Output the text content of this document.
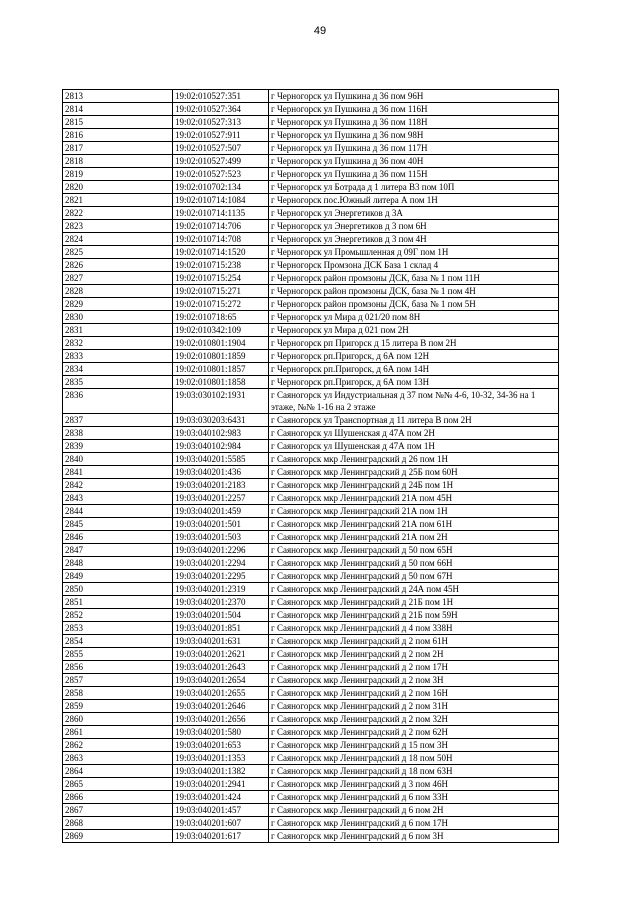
49
2813	19:02:010527:351	г Черногорск ул Пушкина д 36 пом 96Н
2814	19:02:010527:364	г Черногорск ул Пушкина д 36 пом 116Н
2815	19:02:010527:313	г Черногорск ул Пушкина д 36 пом 118Н
2816	19:02:010527:911	г Черногорск ул Пушкина д 36 пом 98Н
2817	19:02:010527:507	г Черногорск ул Пушкина д 36 пом 117Н
2818	19:02:010527:499	г Черногорск ул Пушкина д 36 пом 40Н
2819	19:02:010527:523	г Черногорск ул Пушкина д 36 пом 115Н
2820	19:02:010702:134	г Черногорск ул Ботрада д 1 литера В3 пом 10П
2821	19:02:010714:1084	г Черногорск пос.Южный литера А пом 1Н
2822	19:02:010714:1135	г Черногорск ул Энергетиков д 3А
2823	19:02:010714:706	г Черногорск ул Энергетиков д 3 пом 6Н
2824	19:02:010714:708	г Черногорск ул Энергетиков д 3 пом 4Н
2825	19:02:010714:1520	г Черногорск ул Промышленная д 09Г пом 1Н
2826	19:02:010715:238	г Черногорск Промзона ДСК База 1 склад 4
2827	19:02:010715:254	г Черногорск район промзоны ДСК, база № 1 пом 11Н
2828	19:02:010715:271	г Черногорск район промзоны ДСК, база № 1 пом 4Н
2829	19:02:010715:272	г Черногорск район промзоны ДСК, база № 1 пом 5Н
2830	19:02:010718:65	г Черногорск ул Мира д 021/20 пом 8Н
2831	19:02:010342:109	г Черногорск ул Мира д 021 пом 2Н
2832	19:02:010801:1904	г Черногорск рп Пригорск д 15 литера В пом 2Н
2833	19:02:010801:1859	г Черногорск рп.Пригорск, д 6А пом 12Н
2834	19:02:010801:1857	г Черногорск рп.Пригорск, д 6А пом 14Н
2835	19:02:010801:1858	г Черногорск рп.Пригорск, д 6А пом 13Н
2836	19:03:030102:1931	г Саяногорск ул Индустриальная д 37 пом №№ 4-6, 10-32, 34-36 на 1 этаже, №№ 1-16 на 2 этаже
2837	19:03:030203:6431	г Саяногорск ул Транспортная д 11 литера В пом 2Н
2838	19:03:040102:983	г Саяногорск ул Шушенская д 47А пом 2Н
2839	19:03:040102:984	г Саяногорск ул Шушенская д 47А пом 1Н
2840	19:03:040201:5585	г Саяногорск мкр Ленинградский д 26 пом 1Н
2841	19:03:040201:436	г Саяногорск мкр Ленинградский д 25Б пом 60Н
2842	19:03:040201:2183	г Саяногорск мкр Ленинградский д 24Б пом 1Н
2843	19:03:040201:2257	г Саяногорск мкр Ленинградский 21А пом 45Н
2844	19:03:040201:459	г Саяногорск мкр Ленинградский 21А пом 1Н
2845	19:03:040201:501	г Саяногорск мкр Ленинградский 21А пом 61Н
2846	19:03:040201:503	г Саяногорск мкр Ленинградский 21А пом 2Н
2847	19:03:040201:2296	г Саяногорск мкр Ленинградский д 50 пом 65Н
2848	19:03:040201:2294	г Саяногорск мкр Ленинградский д 50 пом 66Н
2849	19:03:040201:2295	г Саяногорск мкр Ленинградский д 50 пом 67Н
2850	19:03:040201:2319	г Саяногорск мкр Ленинградский д 24А пом 45Н
2851	19:03:040201:2370	г Саяногорск мкр Ленинградский д 21Б пом 1Н
2852	19:03:040201:504	г Саяногорск мкр Ленинградский д 21Б пом 59Н
2853	19:03:040201:851	г Саяногорск мкр Ленинградский д 4 пом 338Н
2854	19:03:040201:631	г Саяногорск мкр Ленинградский д 2 пом 61Н
2855	19:03:040201:2621	г Саяногорск мкр Ленинградский д 2 пом 2Н
2856	19:03:040201:2643	г Саяногорск мкр Ленинградский д 2 пом 17Н
2857	19:03:040201:2654	г Саяногорск мкр Ленинградский д 2 пом 3Н
2858	19:03:040201:2655	г Саяногорск мкр Ленинградский д 2 пом 16Н
2859	19:03:040201:2646	г Саяногорск мкр Ленинградский д 2 пом 31Н
2860	19:03:040201:2656	г Саяногорск мкр Ленинградский д 2 пом 32Н
2861	19:03:040201:580	г Саяногорск мкр Ленинградский д 2 пом 62Н
2862	19:03:040201:653	г Саяногорск мкр Ленинградский д 15 пом 3Н
2863	19:03:040201:1353	г Саяногорск мкр Ленинградский д 18 пом 50Н
2864	19:03:040201:1382	г Саяногорск мкр Ленинградский д 18 пом 63Н
2865	19:03:040201:2941	г Саяногорск мкр Ленинградский д 3 пом 46Н
2866	19:03:040201:424	г Саяногорск мкр Ленинградский д 6 пом 33Н
2867	19:03:040201:457	г Саяногорск мкр Ленинградский д 6 пом 2Н
2868	19:03:040201:607	г Саяногорск мкр Ленинградский д 6 пом 17Н
2869	19:03:040201:617	г Саяногорск мкр Ленинградский д 6 пом 3Н
